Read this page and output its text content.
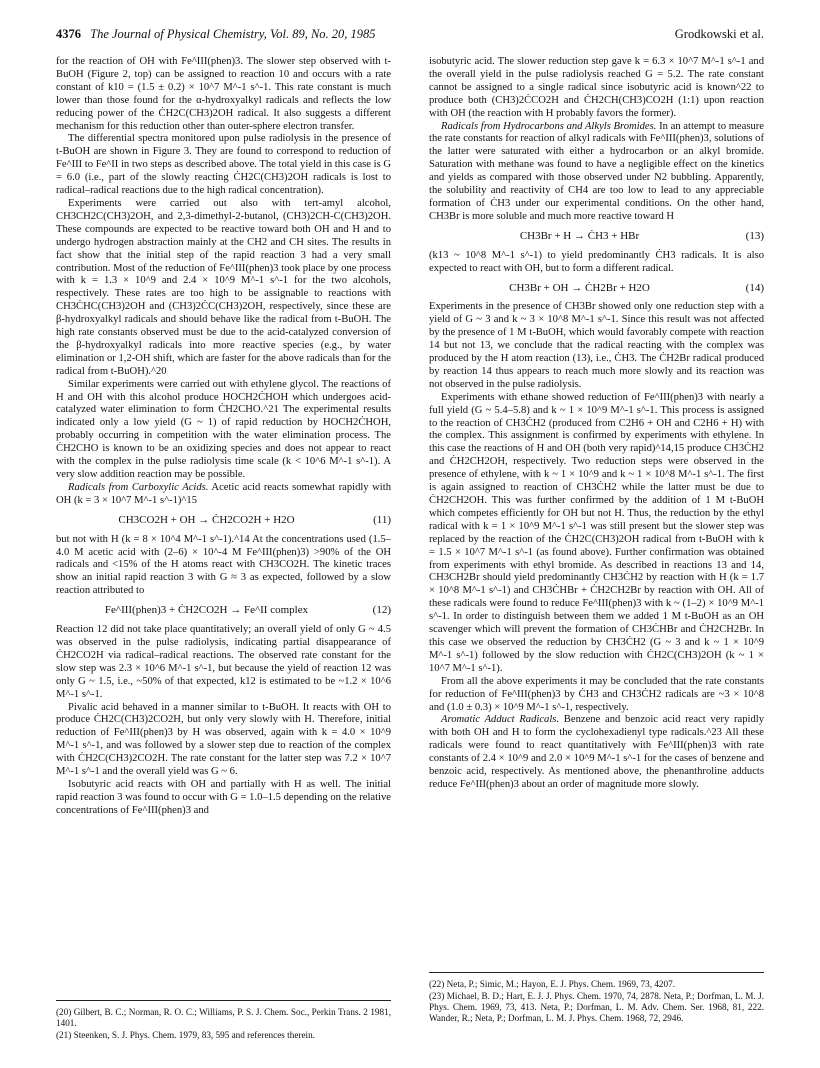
4376 The Journal of Physical Chemistry, Vol. 89, No. 20, 1985	Grodkowski et al.

for the reaction of OH with Fe^III(phen)3. The slower step observed with t-BuOH (Figure 2, top) can be assigned to reaction 10 and occurs with a rate constant of k10 = (1.5 ± 0.2) × 10^7 M^-1 s^-1. This rate constant is much lower than those found for the α-hydroxyalkyl radicals and reflects the low reducing power of the ĊH2C(CH3)2OH radical. It also suggests a different mechanism for this reduction other than outer-sphere electron transfer.

The differential spectra monitored upon pulse radiolysis in the presence of t-BuOH are shown in Figure 3. They are found to correspond to reduction of Fe^III to Fe^II in two steps as described above. The total yield in this case is G = 6.0 (i.e., part of the slowly reacting ĊH2C(CH3)2OH radicals is lost to radical–radical reactions due to the high radical concentration).

Experiments were carried out also with tert-amyl alcohol, CH3CH2C(CH3)2OH, and 2,3-dimethyl-2-butanol, (CH3)2CH-C(CH3)2OH. These compounds are expected to be reactive toward both OH and H and to undergo hydrogen abstraction mainly at the CH2 and CH sites. The results in fact show that the initial step of the rapid reaction 3 had a very small contribution. Most of the reduction of Fe^III(phen)3 took place by one process with k = 1.3 × 10^9 and 2.4 × 10^9 M^-1 s^-1 for the two alcohols, respectively. These rates are too high to be assignable to reactions with CH3ĊHC(CH3)2OH and (CH3)2ĊC(CH3)2OH, respectively, since these are β-hydroxyalkyl radicals and should behave like the radical from t-BuOH. The high rate constants observed must be due to the acid-catalyzed conversion of the β-hydroxyalkyl radicals into more reactive species (e.g., by water elimination or 1,2-OH shift, which are faster for the above radicals than for the radical from t-BuOH).^20

Similar experiments were carried out with ethylene glycol. The reactions of H and OH with this alcohol produce HOCH2ĊHOH which undergoes acid-catalyzed water elimination to form ĊH2CHO.^21 The experimental results indicated only a low yield (G ~ 1) of rapid reduction by HOCH2ĊHOH, probably occurring in competition with the water elimination process. The ĊH2CHO is known to be an oxidizing species and does not appear to react with the complex in the pulse radiolysis time scale (k < 10^6 M^-1 s^-1). A very slow addition reaction may be possible.

Radicals from Carboxylic Acids. Acetic acid reacts somewhat rapidly with OH (k = 3 × 10^7 M^-1 s^-1)^15

CH3CO2H + OH → ĊH2CO2H + H2O	(11)

but not with H (k = 8 × 10^4 M^-1 s^-1).^14 At the concentrations used (1.5–4.0 M acetic acid with (2–6) × 10^-4 M Fe^III(phen)3) >90% of the OH radicals and <15% of the H atoms react with CH3CO2H. The kinetic traces show an initial rapid reaction 3 with G ≈ 3 as expected, followed by a slow reaction attributed to

Fe^III(phen)3 + ĊH2CO2H → Fe^II complex	(12)

Reaction 12 did not take place quantitatively; an overall yield of only G ~ 4.5 was observed in the pulse radiolysis, indicating partial disappearance of ĊH2CO2H via radical–radical reactions. The observed rate constant for the slow step was 2.3 × 10^6 M^-1 s^-1, but because the yield of reaction 12 was only G ~ 1.5, i.e., ~50% of that expected, k12 is estimated to be ~1.2 × 10^6 M^-1 s^-1.

Pivalic acid behaved in a manner similar to t-BuOH. It reacts with OH to produce ĊH2C(CH3)2CO2H, but only very slowly with H. Therefore, initial reduction of Fe^III(phen)3 by H was observed, again with k = 4.0 × 10^9 M^-1 s^-1, and was followed by a slower step due to reaction of the complex with ĊH2C(CH3)2CO2H. The rate constant for the latter step was 7.2 × 10^7 M^-1 s^-1 and the overall yield was G ~ 6.

Isobutyric acid reacts with OH and partially with H as well. The initial rapid reaction 3 was found to occur with G = 1.0–1.5 depending on the relative concentrations of Fe^III(phen)3 and

isobutyric acid. The slower reduction step gave k = 6.3 × 10^7 M^-1 s^-1 and the overall yield in the pulse radiolysis reached G = 5.2. The rate constant cannot be assigned to a single radical since isobutyric acid is known^22 to produce both (CH3)2ĊCO2H and ĊH2CH(CH3)CO2H (1:1) upon reaction with OH (the reaction with H probably favors the former).

Radicals from Hydrocarbons and Alkyls Bromides. In an attempt to measure the rate constants for reaction of alkyl radicals with Fe^III(phen)3, solutions of the latter were saturated with either a hydrocarbon or an alkyl bromide. Saturation with methane was found to have a negligible effect on the kinetics and yields as compared with those observed under N2 bubbling. Apparently, the solubility and reactivity of CH4 are too low to lead to any appreciable formation of ĊH3 under our experimental conditions. On the other hand, CH3Br is more soluble and much more reactive toward H

CH3Br + H → ĊH3 + HBr	(13)

(k13 ~ 10^8 M^-1 s^-1) to yield predominantly ĊH3 radicals. It is also expected to react with OH, but to form a different radical.

CH3Br + OH → ĊH2Br + H2O	(14)

Experiments in the presence of CH3Br showed only one reduction step with a yield of G ~ 3 and k ~ 3 × 10^8 M^-1 s^-1. Since this result was not affected by the presence of 1 M t-BuOH, which would favorably compete with reaction 14 but not 13, we conclude that the radical reacting with the complex was produced by the H atom reaction (13), i.e., ĊH3. The ĊH2Br radical produced by reaction 14 thus appears to reach much more slowly and its reaction was not observed in the pulse radiolysis.

Experiments with ethane showed reduction of Fe^III(phen)3 with nearly a full yield (G ~ 5.4–5.8) and k ~ 1 × 10^9 M^-1 s^-1. This process is assigned to the reaction of CH3ĊH2 (produced from C2H6 + OH and C2H6 + H) with the complex. This assignment is confirmed by experiments with ethylene. In this case the reactions of H and OH (both very rapid)^14,15 produce CH3ĊH2 and ĊH2CH2OH, respectively. Two reduction steps were observed in the presence of ethylene, with k ~ 1 × 10^9 and k ~ 1 × 10^8 M^-1 s^-1. The first is again assigned to reaction of CH3ĊH2 while the latter must be due to ĊH2CH2OH. This was further confirmed by the addition of 1 M t-BuOH which competes efficiently for OH but not H. Thus, the reduction by the ethyl radical with k = 1 × 10^9 M^-1 s^-1 was still present but the slower step was replaced by the reaction of the ĊH2C(CH3)2OH radical from t-BuOH with k = 1.5 × 10^7 M^-1 s^-1 (as found above). Further confirmation was obtained from experiments with ethyl bromide. As described in reactions 13 and 14, CH3CH2Br should yield predominantly CH3ĊH2 by reaction with H (k = 1.7 × 10^8 M^-1 s^-1) and CH3ĊHBr + ĊH2CH2Br by reaction with OH. All of these radicals were found to reduce Fe^III(phen)3 with k ~ (1–2) × 10^9 M^-1 s^-1. In order to distinguish between them we added 1 M t-BuOH as an OH scavenger which will prevent the formation of CH3ĊHBr and ĊH2CH2Br. In this case we observed the reduction by CH3ĊH2 (G ~ 3 and k ~ 1 × 10^9 M^-1 s^-1) followed by the slow reduction with ĊH2C(CH3)2OH (k ~ 1 × 10^7 M^-1 s^-1).

From all the above experiments it may be concluded that the rate constants for reduction of Fe^III(phen)3 by ĊH3 and CH3ĊH2 radicals are ~3 × 10^8 and (1.0 ± 0.3) × 10^9 M^-1 s^-1, respectively.

Aromatic Adduct Radicals. Benzene and benzoic acid react very rapidly with both OH and H to form the cyclohexadienyl type radicals.^23 All these radicals were found to react quantitatively with Fe^III(phen)3 with rate constants of 2.4 × 10^9 and 2.0 × 10^9 M^-1 s^-1 for the cases of benzene and benzoic acid, respectively. As mentioned above, the phenanthroline adducts reduce Fe^III(phen)3 about an order of magnitude more slowly.

(20) Gilbert, B. C.; Norman, R. O. C.; Williams, P. S. J. Chem. Soc., Perkin Trans. 2 1981, 1401.

(21) Steenken, S. J. Phys. Chem. 1979, 83, 595 and references therein.

(22) Neta, P.; Simic, M.; Hayon, E. J. Phys. Chem. 1969, 73, 4207.

(23) Michael, B. D.; Hart, E. J. J. Phys. Chem. 1970, 74, 2878. Neta, P.; Dorfman, L. M. J. Phys. Chem. 1969, 73, 413. Neta, P.; Dorfman, L. M. Adv. Chem. Ser. 1968, 81, 222. Wander, R.; Neta, P.; Dorfman, L. M. J. Phys. Chem. 1968, 72, 2946.
